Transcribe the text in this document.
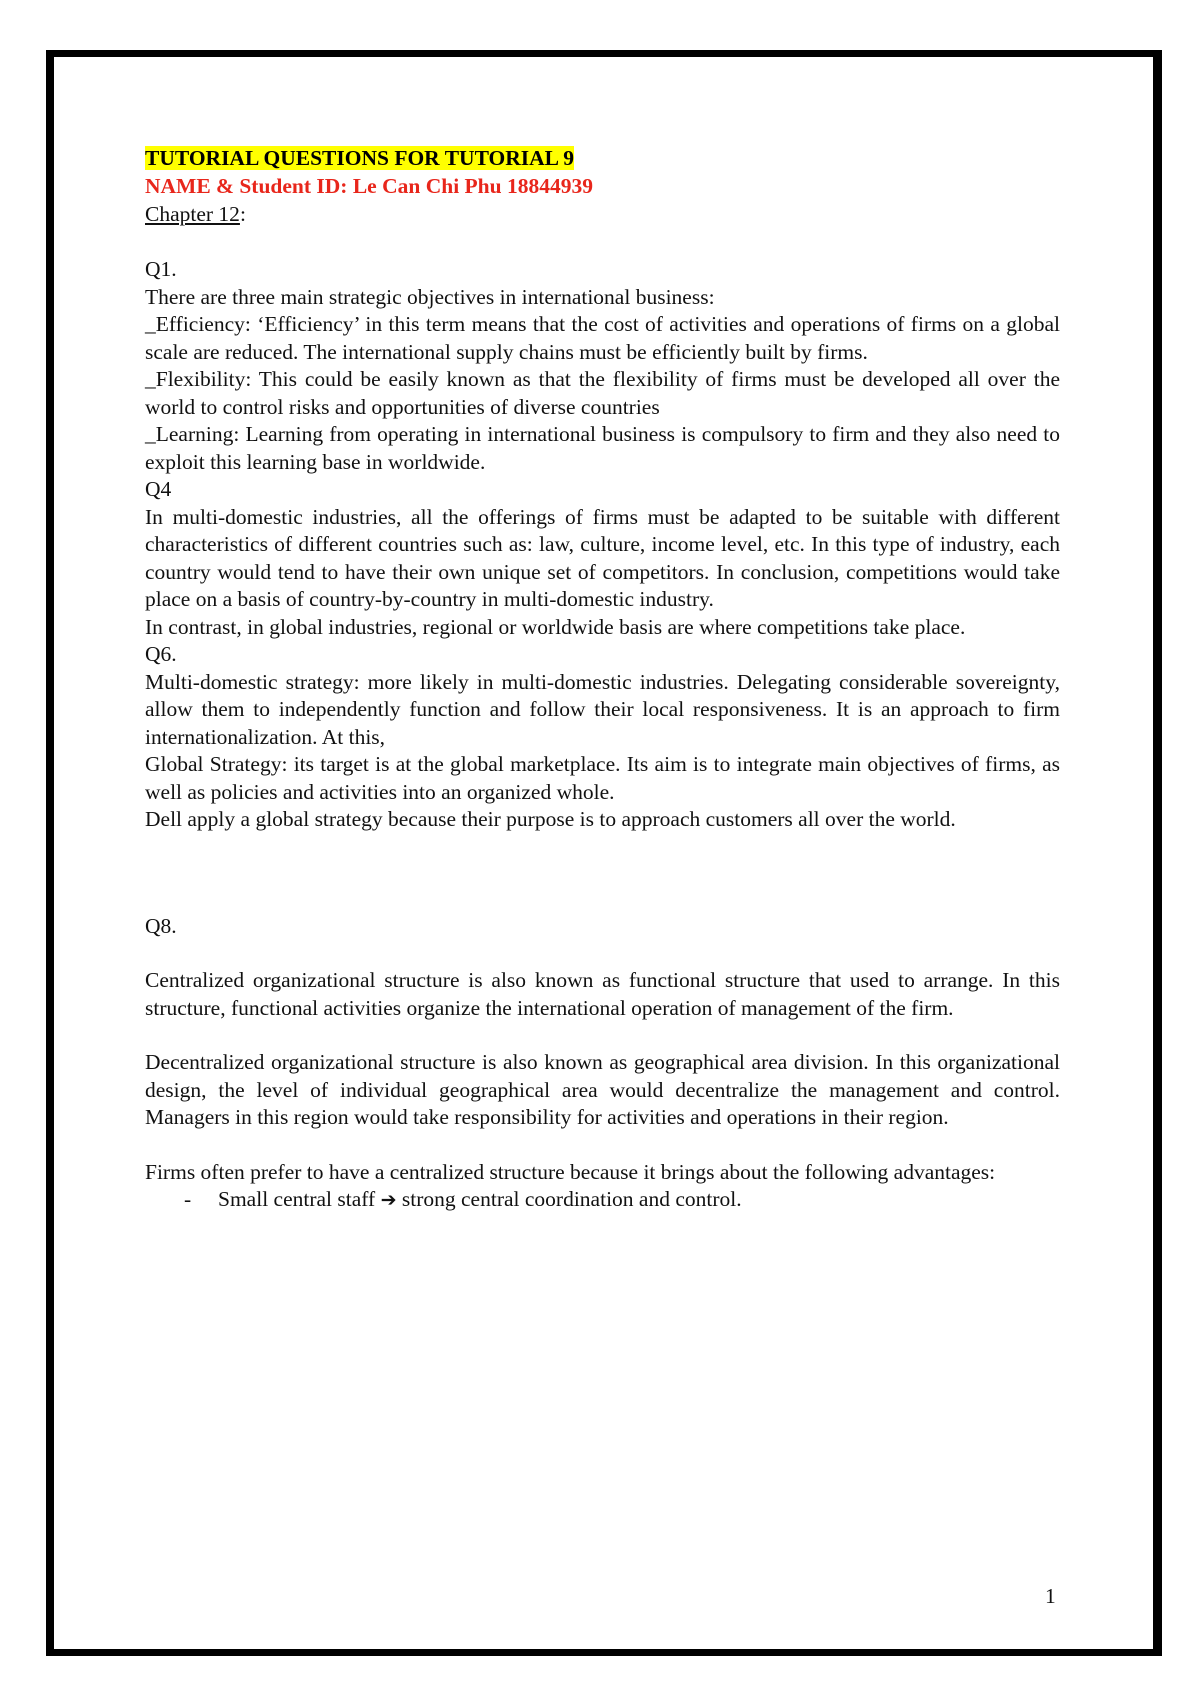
TUTORIAL QUESTIONS FOR TUTORIAL 9

NAME & Student ID: Le Can Chi Phu 18844939

Chapter 12:

Q1.

There are three main strategic objectives in international business:

_Efficiency: ‘Efficiency’ in this term means that the cost of activities and operations of firms on a global scale are reduced. The international supply chains must be efficiently built by firms.

_Flexibility: This could be easily known as that the flexibility of firms must be developed all over the world to control risks and opportunities of diverse countries

_Learning: Learning from operating in international business is compulsory to firm and they also need to exploit this learning base in worldwide.

Q4

In multi-domestic industries, all the offerings of firms must be adapted to be suitable with different characteristics of different countries such as: law, culture, income level, etc. In this type of industry, each country would tend to have their own unique set of competitors. In conclusion, competitions would take place on a basis of country-by-country in multi-domestic industry.

In contrast, in global industries, regional or worldwide basis are where competitions take place.

Q6.

Multi-domestic strategy: more likely in multi-domestic industries. Delegating considerable sovereignty, allow them to independently function and follow their local responsiveness. It is an approach to firm internationalization. At this,

Global Strategy: its target is at the global marketplace. Its aim is to integrate main objectives of firms, as well as policies and activities into an organized whole.

Dell apply a global strategy because their purpose is to approach customers all over the world.

Q8.

Centralized organizational structure is also known as functional structure that used to arrange. In this structure, functional activities organize the international operation of management of the firm.

Decentralized organizational structure is also known as geographical area division. In this organizational design, the level of individual geographical area would decentralize the management and control. Managers in this region would take responsibility for activities and operations in their region.

Firms often prefer to have a centralized structure because it brings about the following advantages:

- Small central staff ➔ strong central coordination and control.
1
